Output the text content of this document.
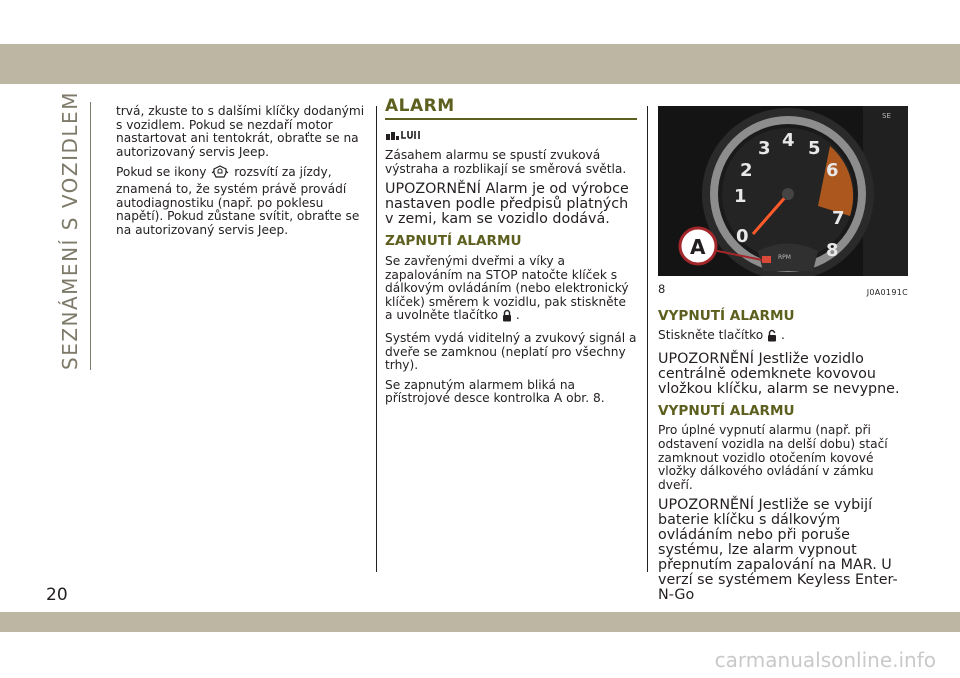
SEZNÁMENÍ S VOZIDLEM	trvá, zkuste to s dalšími klíčky dodanými s vozidlem. Pokud se nezdaří motor nastartovat ani tentokrát, obraťte se na autorizovaný servis Jeep.

Pokud se ikony rozsvítí za jízdy, znamená to, že systém právě provádí autodiagnostiku (např. po poklesu napětí). Pokud zůstane svítit, obraťte se na autorizovaný servis Jeep.

ALARM

Zásahem alarmu se spustí zvuková výstraha a rozblikají se směrová světla.

UPOZORNĚNÍ Alarm je od výrobce nastaven podle předpisů platných v zemi, kam se vozidlo dodává.

ZAPNUTÍ ALARMU

Se zavřenými dveřmi a víky a zapalováním na STOP natočte klíček s dálkovým ovládáním (nebo elektronický klíček) směrem k vozidlu, pak stiskněte a uvolněte tlačítko .

Systém vydá viditelný a zvukový signál a dveře se zamknou (neplatí pro všechny trhy).

Se zapnutým alarmem bliká na přístrojové desce kontrolka A obr. 8.

0
1
2
3 4 5
6
7
8
RPM
SE
A
8	J0A0191C
VYPNUTÍ ALARMU

Stiskněte tlačítko .

UPOZORNĚNÍ Jestliže vozidlo centrálně odemknete kovovou vložkou klíčku, alarm se nevypne.

VYPNUTÍ ALARMU

Pro úplné vypnutí alarmu (např. při odstavení vozidla na delší dobu) stačí zamknout vozidlo otočením kovové vložky dálkového ovládání v zámku dveří.

UPOZORNĚNÍ Jestliže se vybijí baterie klíčku s dálkovým ovládáním nebo při poruše systému, lze alarm vypnout přepnutím zapalování na MAR. U verzí se systémem Keyless Enter-N-Go

20
carmanualsonline.info
